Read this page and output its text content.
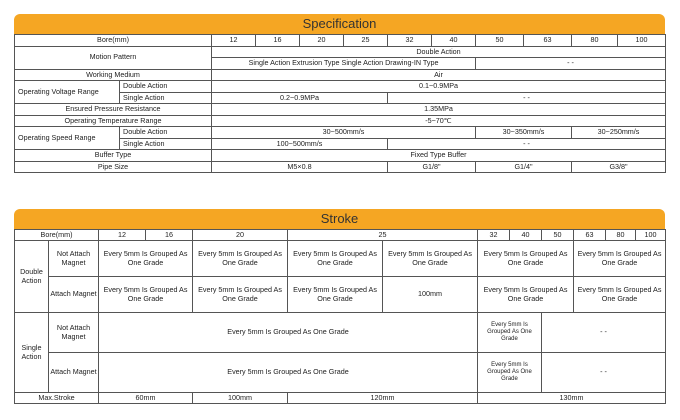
Specification
Bore(mm)		12	16	20	25	32	40	50	63	80	100
Motion Pattern		Double Action									
		Single Action Extrusion Type Single Action Drawing-IN Type						- -			
Working Medium		Air									
Operating Voltage Range	Double Action	0.1~0.9MPa									
	Single Action	0.2~0.9MPa				- -					
Ensured Pressure Resistance		1.35MPa									
Operating Temperature Range		-5~70℃									
Operating Speed Range	Double Action	30~500mm/s						30~350mm/s		30~250mm/s	
	Single Action	100~500mm/s				- -					
Buffer Type		Fixed Type Buffer									
Pipe Size		M5×0.8				G1/8"		G1/4"		G3/8"	
Stroke
Bore(mm)		12	16	20	25		32	40	50	63	80	100
Double Action	Not Attach Magnet	Every 5mm Is Grouped As One Grade		Every 5mm Is Grouped As One Grade	Every 5mm Is Grouped As One Grade	Every 5mm Is Grouped As One Grade	Every 5mm Is Grouped As One Grade			Every 5mm Is Grouped As One Grade		
	Attach Magnet	Every 5mm Is Grouped As One Grade		Every 5mm Is Grouped As One Grade	Every 5mm Is Grouped As One Grade	100mm	Every 5mm Is Grouped As One Grade			Every 5mm Is Grouped As One Grade		
Single Action	Not Attach Magnet	Every 5mm Is Grouped As One Grade					Every 5mm Is Grouped As One Grade		- -			
	Attach Magnet	Every 5mm Is Grouped As One Grade					Every 5mm Is Grouped As One Grade		- -			
Max.Stroke		60mm		100mm	120mm		130mm					
